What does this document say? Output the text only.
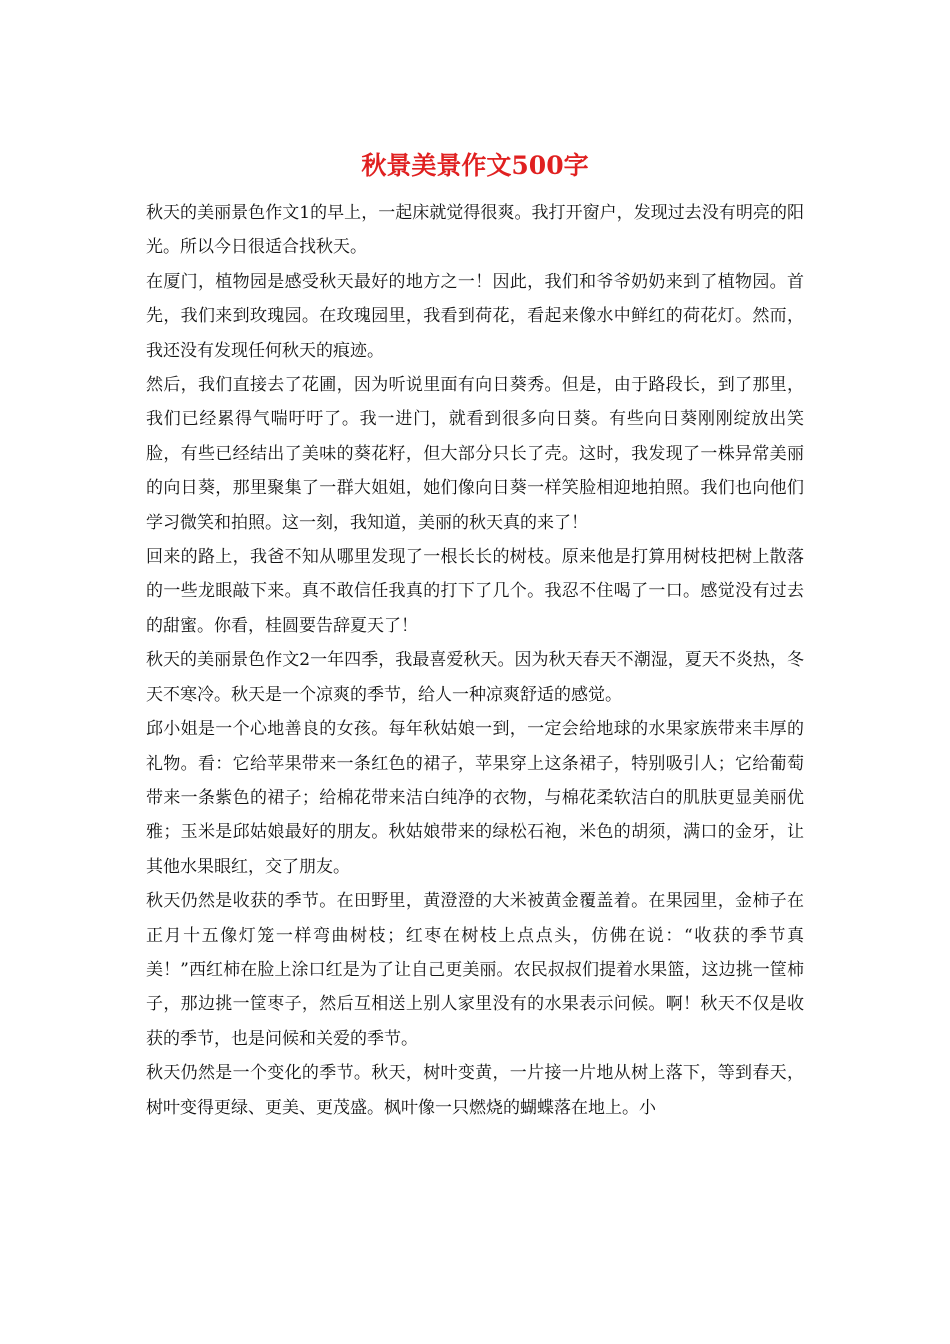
秋景美景作文500字

秋天的美丽景色作文1的早上，一起床就觉得很爽。我打开窗户，发现过去没有明亮的阳光。所以今日很适合找秋天。

在厦门，植物园是感受秋天最好的地方之一！因此，我们和爷爷奶奶来到了植物园。首先，我们来到玫瑰园。在玫瑰园里，我看到荷花，看起来像水中鲜红的荷花灯。然而，我还没有发现任何秋天的痕迹。

然后，我们直接去了花圃，因为听说里面有向日葵秀。但是，由于路段长，到了那里，我们已经累得气喘吁吁了。我一进门，就看到很多向日葵。有些向日葵刚刚绽放出笑脸，有些已经结出了美味的葵花籽，但大部分只长了壳。这时，我发现了一株异常美丽的向日葵，那里聚集了一群大姐姐，她们像向日葵一样笑脸相迎地拍照。我们也向他们学习微笑和拍照。这一刻，我知道，美丽的秋天真的来了！

回来的路上，我爸不知从哪里发现了一根长长的树枝。原来他是打算用树枝把树上散落的一些龙眼敲下来。真不敢信任我真的打下了几个。我忍不住喝了一口。感觉没有过去的甜蜜。你看，桂圆要告辞夏天了！

秋天的美丽景色作文2一年四季，我最喜爱秋天。因为秋天春天不潮湿，夏天不炎热，冬天不寒冷。秋天是一个凉爽的季节，给人一种凉爽舒适的感觉。

邱小姐是一个心地善良的女孩。每年秋姑娘一到，一定会给地球的水果家族带来丰厚的礼物。看：它给苹果带来一条红色的裙子，苹果穿上这条裙子，特别吸引人；它给葡萄带来一条紫色的裙子；给棉花带来洁白纯净的衣物，与棉花柔软洁白的肌肤更显美丽优雅；玉米是邱姑娘最好的朋友。秋姑娘带来的绿松石袍，米色的胡须，满口的金牙，让其他水果眼红，交了朋友。

秋天仍然是收获的季节。在田野里，黄澄澄的大米被黄金覆盖着。在果园里，金柿子在正月十五像灯笼一样弯曲树枝；红枣在树枝上点点头，仿佛在说：“收获的季节真美！”西红柿在脸上涂口红是为了让自己更美丽。农民叔叔们提着水果篮，这边挑一筐柿子，那边挑一筐枣子，然后互相送上别人家里没有的水果表示问候。啊！秋天不仅是收获的季节，也是问候和关爱的季节。

秋天仍然是一个变化的季节。秋天，树叶变黄，一片接一片地从树上落下，等到春天，树叶变得更绿、更美、更茂盛。枫叶像一只燃烧的蝴蝶落在地上。小
